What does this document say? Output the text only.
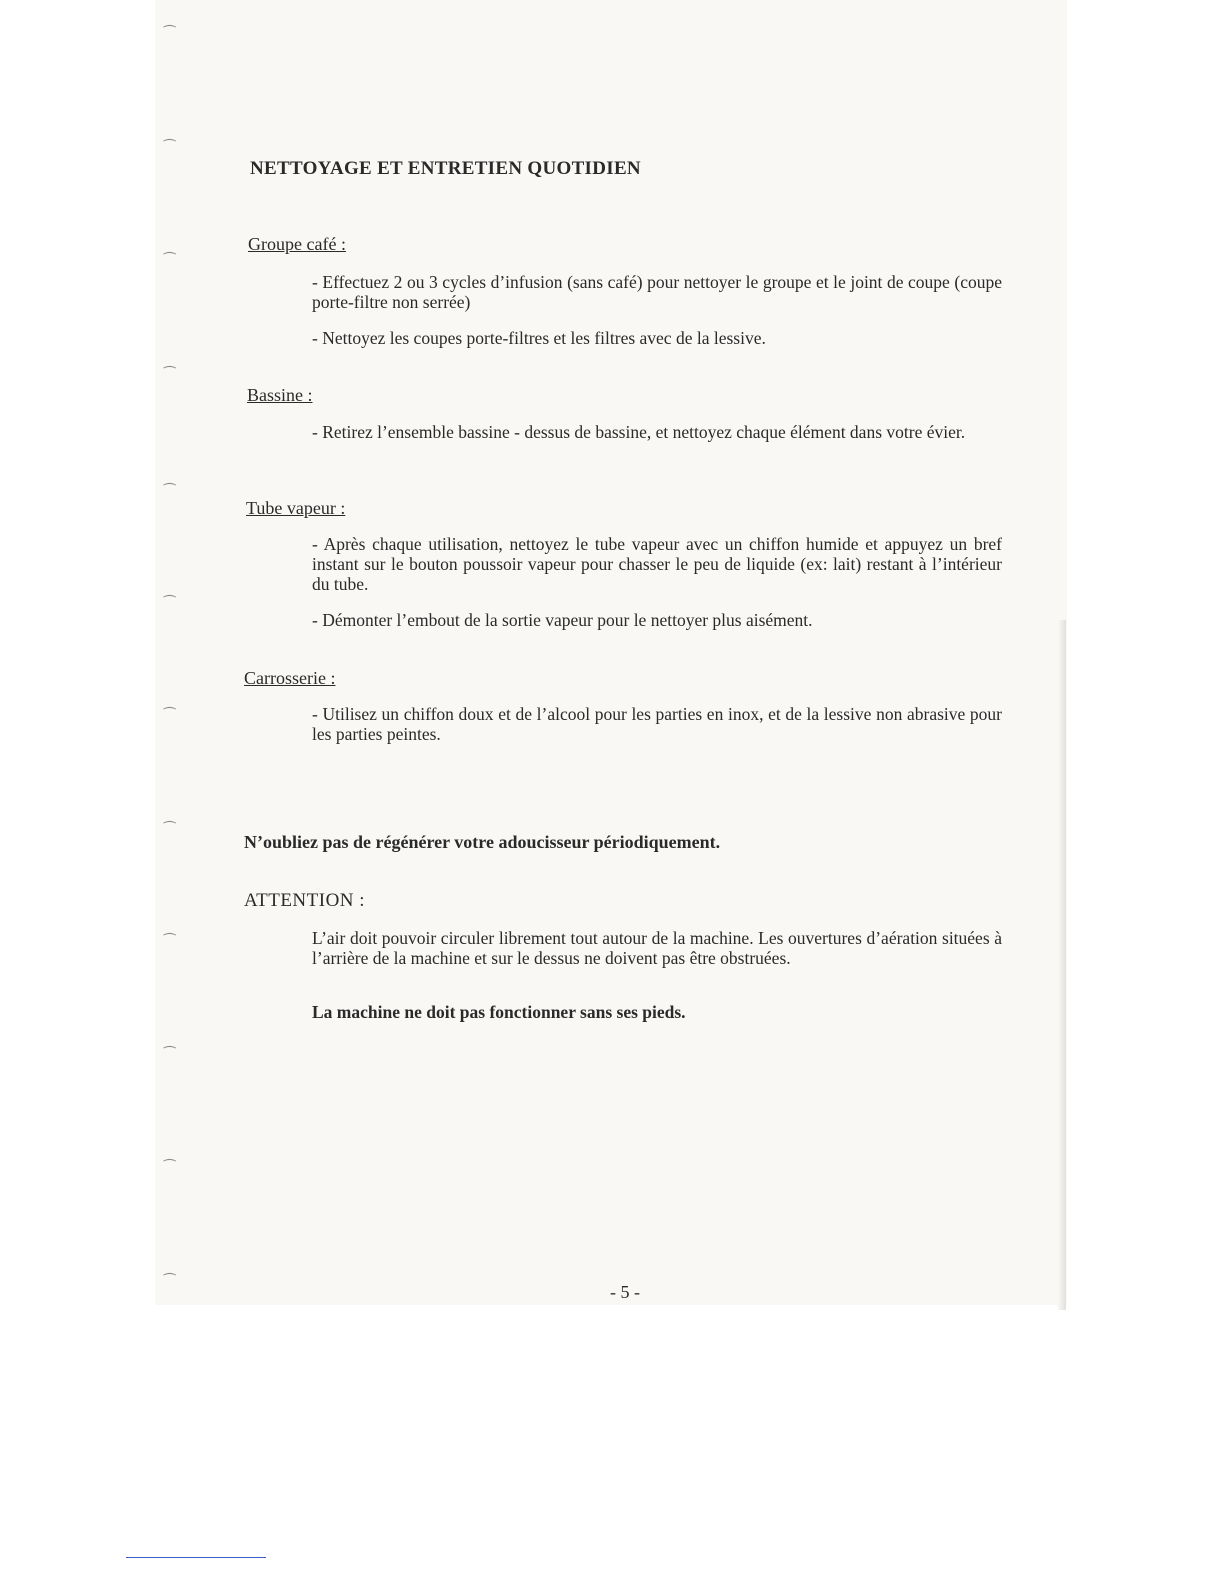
⁀
⁀
⁀
⁀
⁀
⁀
⁀
⁀
⁀
⁀
⁀
⁀
NETTOYAGE ET ENTRETIEN QUOTIDIEN
Groupe café :

- Effectuez 2 ou 3 cycles d’infusion (sans café) pour nettoyer le groupe et le joint de coupe (coupe porte-filtre non serrée)

- Nettoyez les coupes porte-filtres et les filtres avec de la lessive.

Bassine :

- Retirez l’ensemble bassine - dessus de bassine, et nettoyez chaque élément dans votre évier.

Tube vapeur :

- Après chaque utilisation, nettoyez le tube vapeur avec un chiffon humide et appuyez un bref instant sur le bouton poussoir vapeur pour chasser le peu de liquide (ex: lait) restant à l’intérieur du tube.

- Démonter l’embout de la sortie vapeur pour le nettoyer plus aisément.

Carrosserie :

- Utilisez un chiffon doux et de l’alcool pour les parties en inox, et de la lessive non abrasive pour les parties peintes.

N’oubliez pas de régénérer votre adoucisseur périodiquement.

ATTENTION :

L’air doit pouvoir circuler librement tout autour de la machine. Les ouvertures d’aération situées à l’arrière de la machine et sur le dessus ne doivent pas être obstruées.

La machine ne doit pas fonctionner sans ses pieds.

- 5 -
